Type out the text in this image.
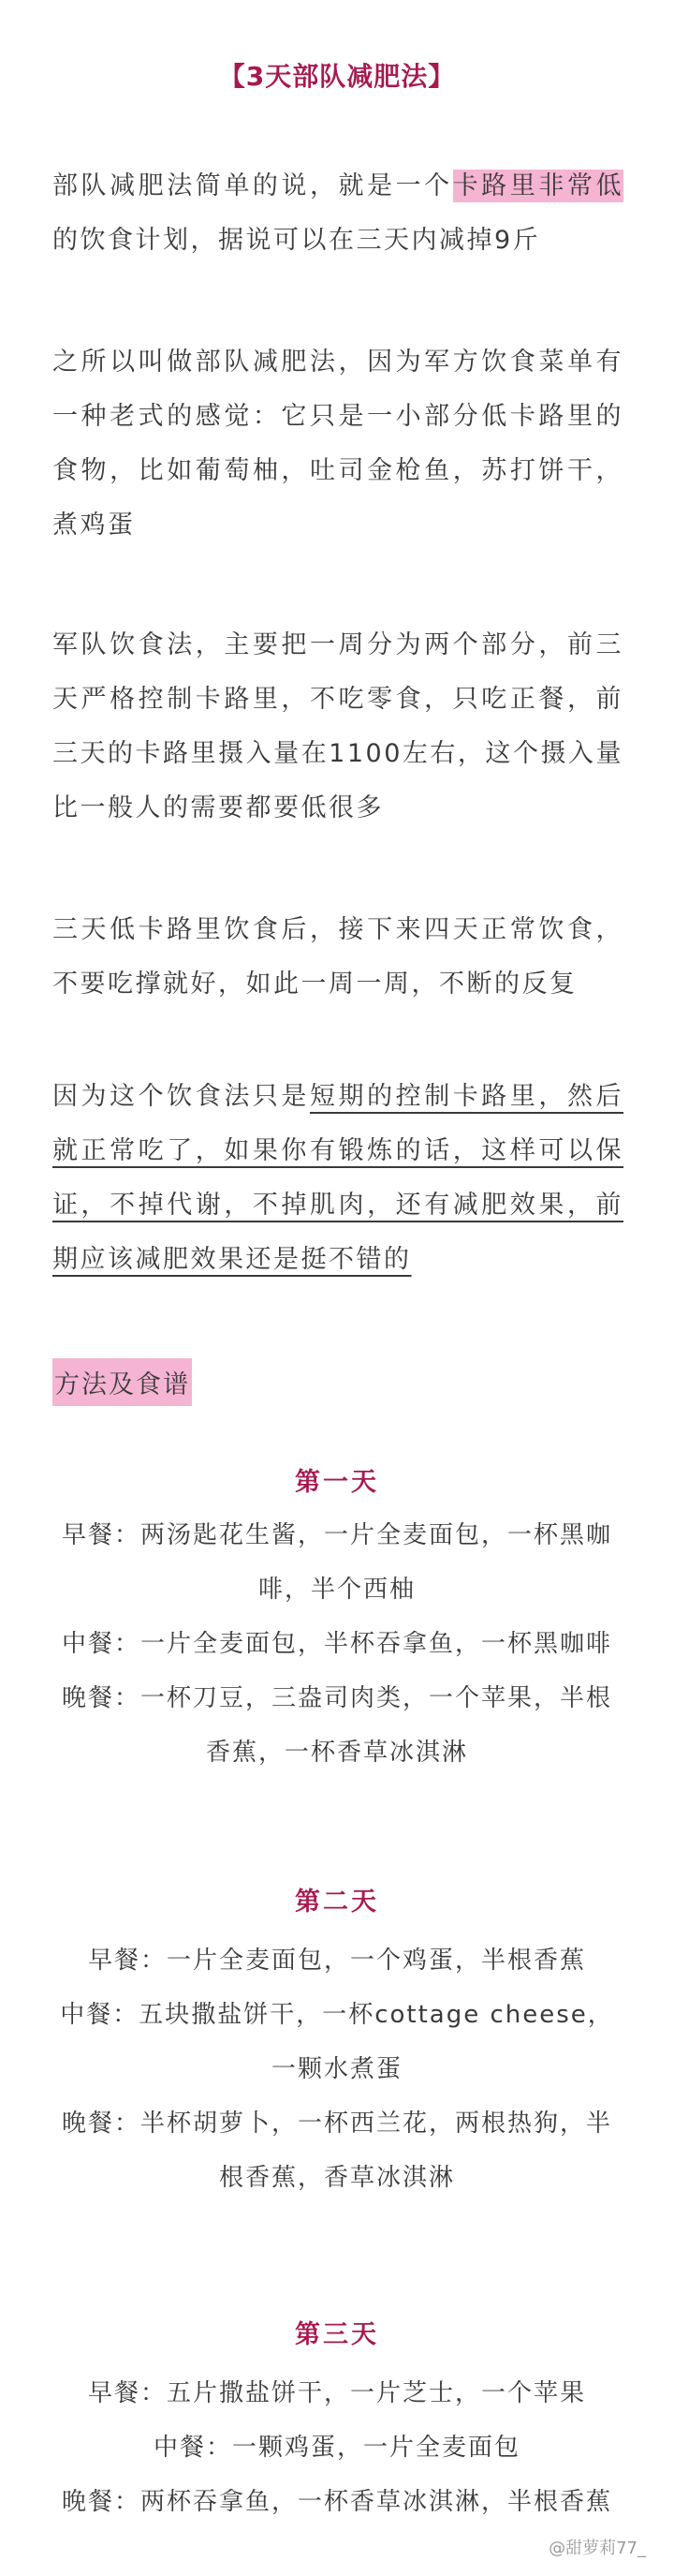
【3天部队减肥法】
部队减肥法简单的说，就是一个卡路里非常低的饮食计划，据说可以在三天内减掉9斤
之所以叫做部队减肥法，因为军方饮食菜单有一种老式的感觉：它只是一小部分低卡路里的食物，比如葡萄柚，吐司金枪鱼，苏打饼干，煮鸡蛋
军队饮食法，主要把一周分为两个部分，前三天严格控制卡路里，不吃零食，只吃正餐，前三天的卡路里摄入量在1100左右，这个摄入量比一般人的需要都要低很多
三天低卡路里饮食后，接下来四天正常饮食，不要吃撑就好，如此一周一周，不断的反复
因为这个饮食法只是短期的控制卡路里，然后就正常吃了，如果你有锻炼的话，这样可以保证，不掉代谢，不掉肌肉，还有减肥效果，前期应该减肥效果还是挺不错的
方法及食谱
第一天
早餐：两汤匙花生酱，一片全麦面包，一杯黑咖啡，半个西柚
中餐：一片全麦面包，半杯吞拿鱼，一杯黑咖啡
晚餐：一杯刀豆，三盎司肉类，一个苹果，半根香蕉，一杯香草冰淇淋
第二天
早餐：一片全麦面包，一个鸡蛋，半根香蕉
中餐：五块撒盐饼干，一杯cottage cheese，一颗水煮蛋
晚餐：半杯胡萝卜，一杯西兰花，两根热狗，半根香蕉，香草冰淇淋
第三天
早餐：五片撒盐饼干，一片芝士，一个苹果
中餐：一颗鸡蛋，一片全麦面包
晚餐：两杯吞拿鱼，一杯香草冰淇淋，半根香蕉
@甜萝莉77_
